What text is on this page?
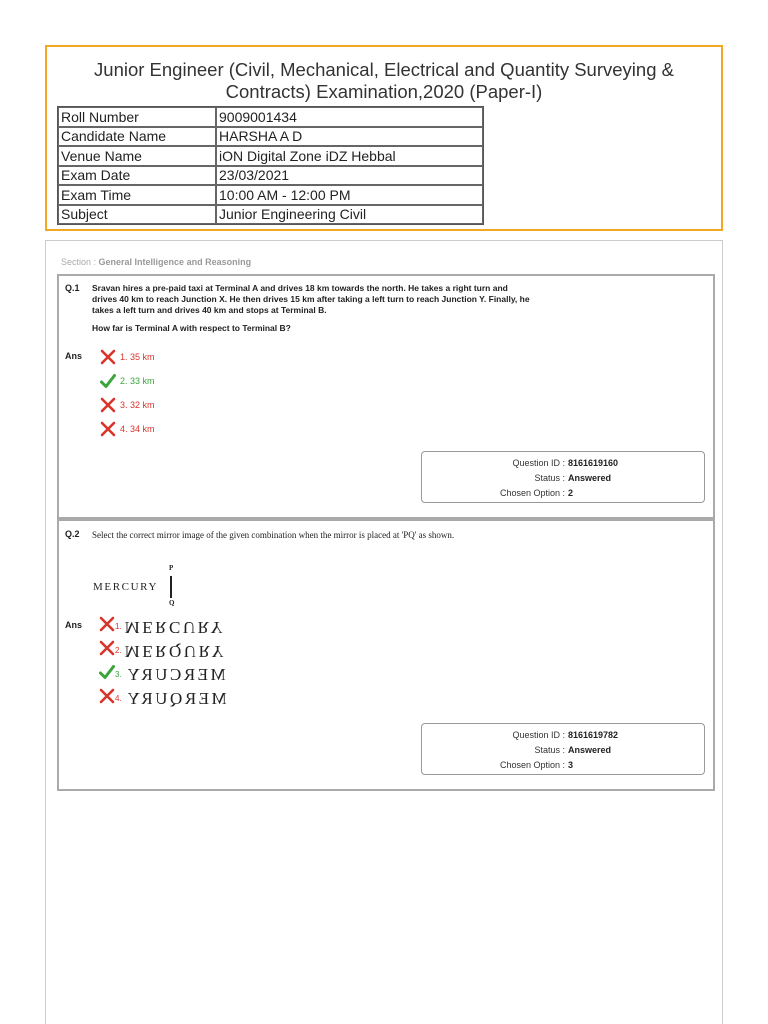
Junior Engineer (Civil, Mechanical, Electrical and Quantity Surveying & Contracts) Examination,2020 (Paper-I)
Roll Number	9009001434
Candidate Name	HARSHA A D
Venue Name	iON Digital Zone iDZ Hebbal
Exam Date	23/03/2021
Exam Time	10:00 AM - 12:00 PM
Subject	Junior Engineering Civil
Section : General Intelligence and Reasoning
Q.1 Sravan hires a pre-paid taxi at Terminal A and drives 18 km towards the north. He takes a right turn and drives 40 km to reach Junction X. He then drives 15 km after taking a left turn to reach Junction Y. Finally, he takes a left turn and drives 40 km and stops at Terminal B.

How far is Terminal A with respect to Terminal B?

Ans	1. 35 km
2. 33 km
3. 32 km
4. 34 km
Question ID : 8161619160
Status : Answered
Chosen Option : 2
Q.2 Select the correct mirror image of the given combination when the mirror is placed at 'PQ' as shown.
P
MERCURY
Q
Ans	1. MERCURY
2. MERQURY
3. MERCURY
4. MERQURY
Question ID : 8161619782
Status : Answered
Chosen Option : 3
